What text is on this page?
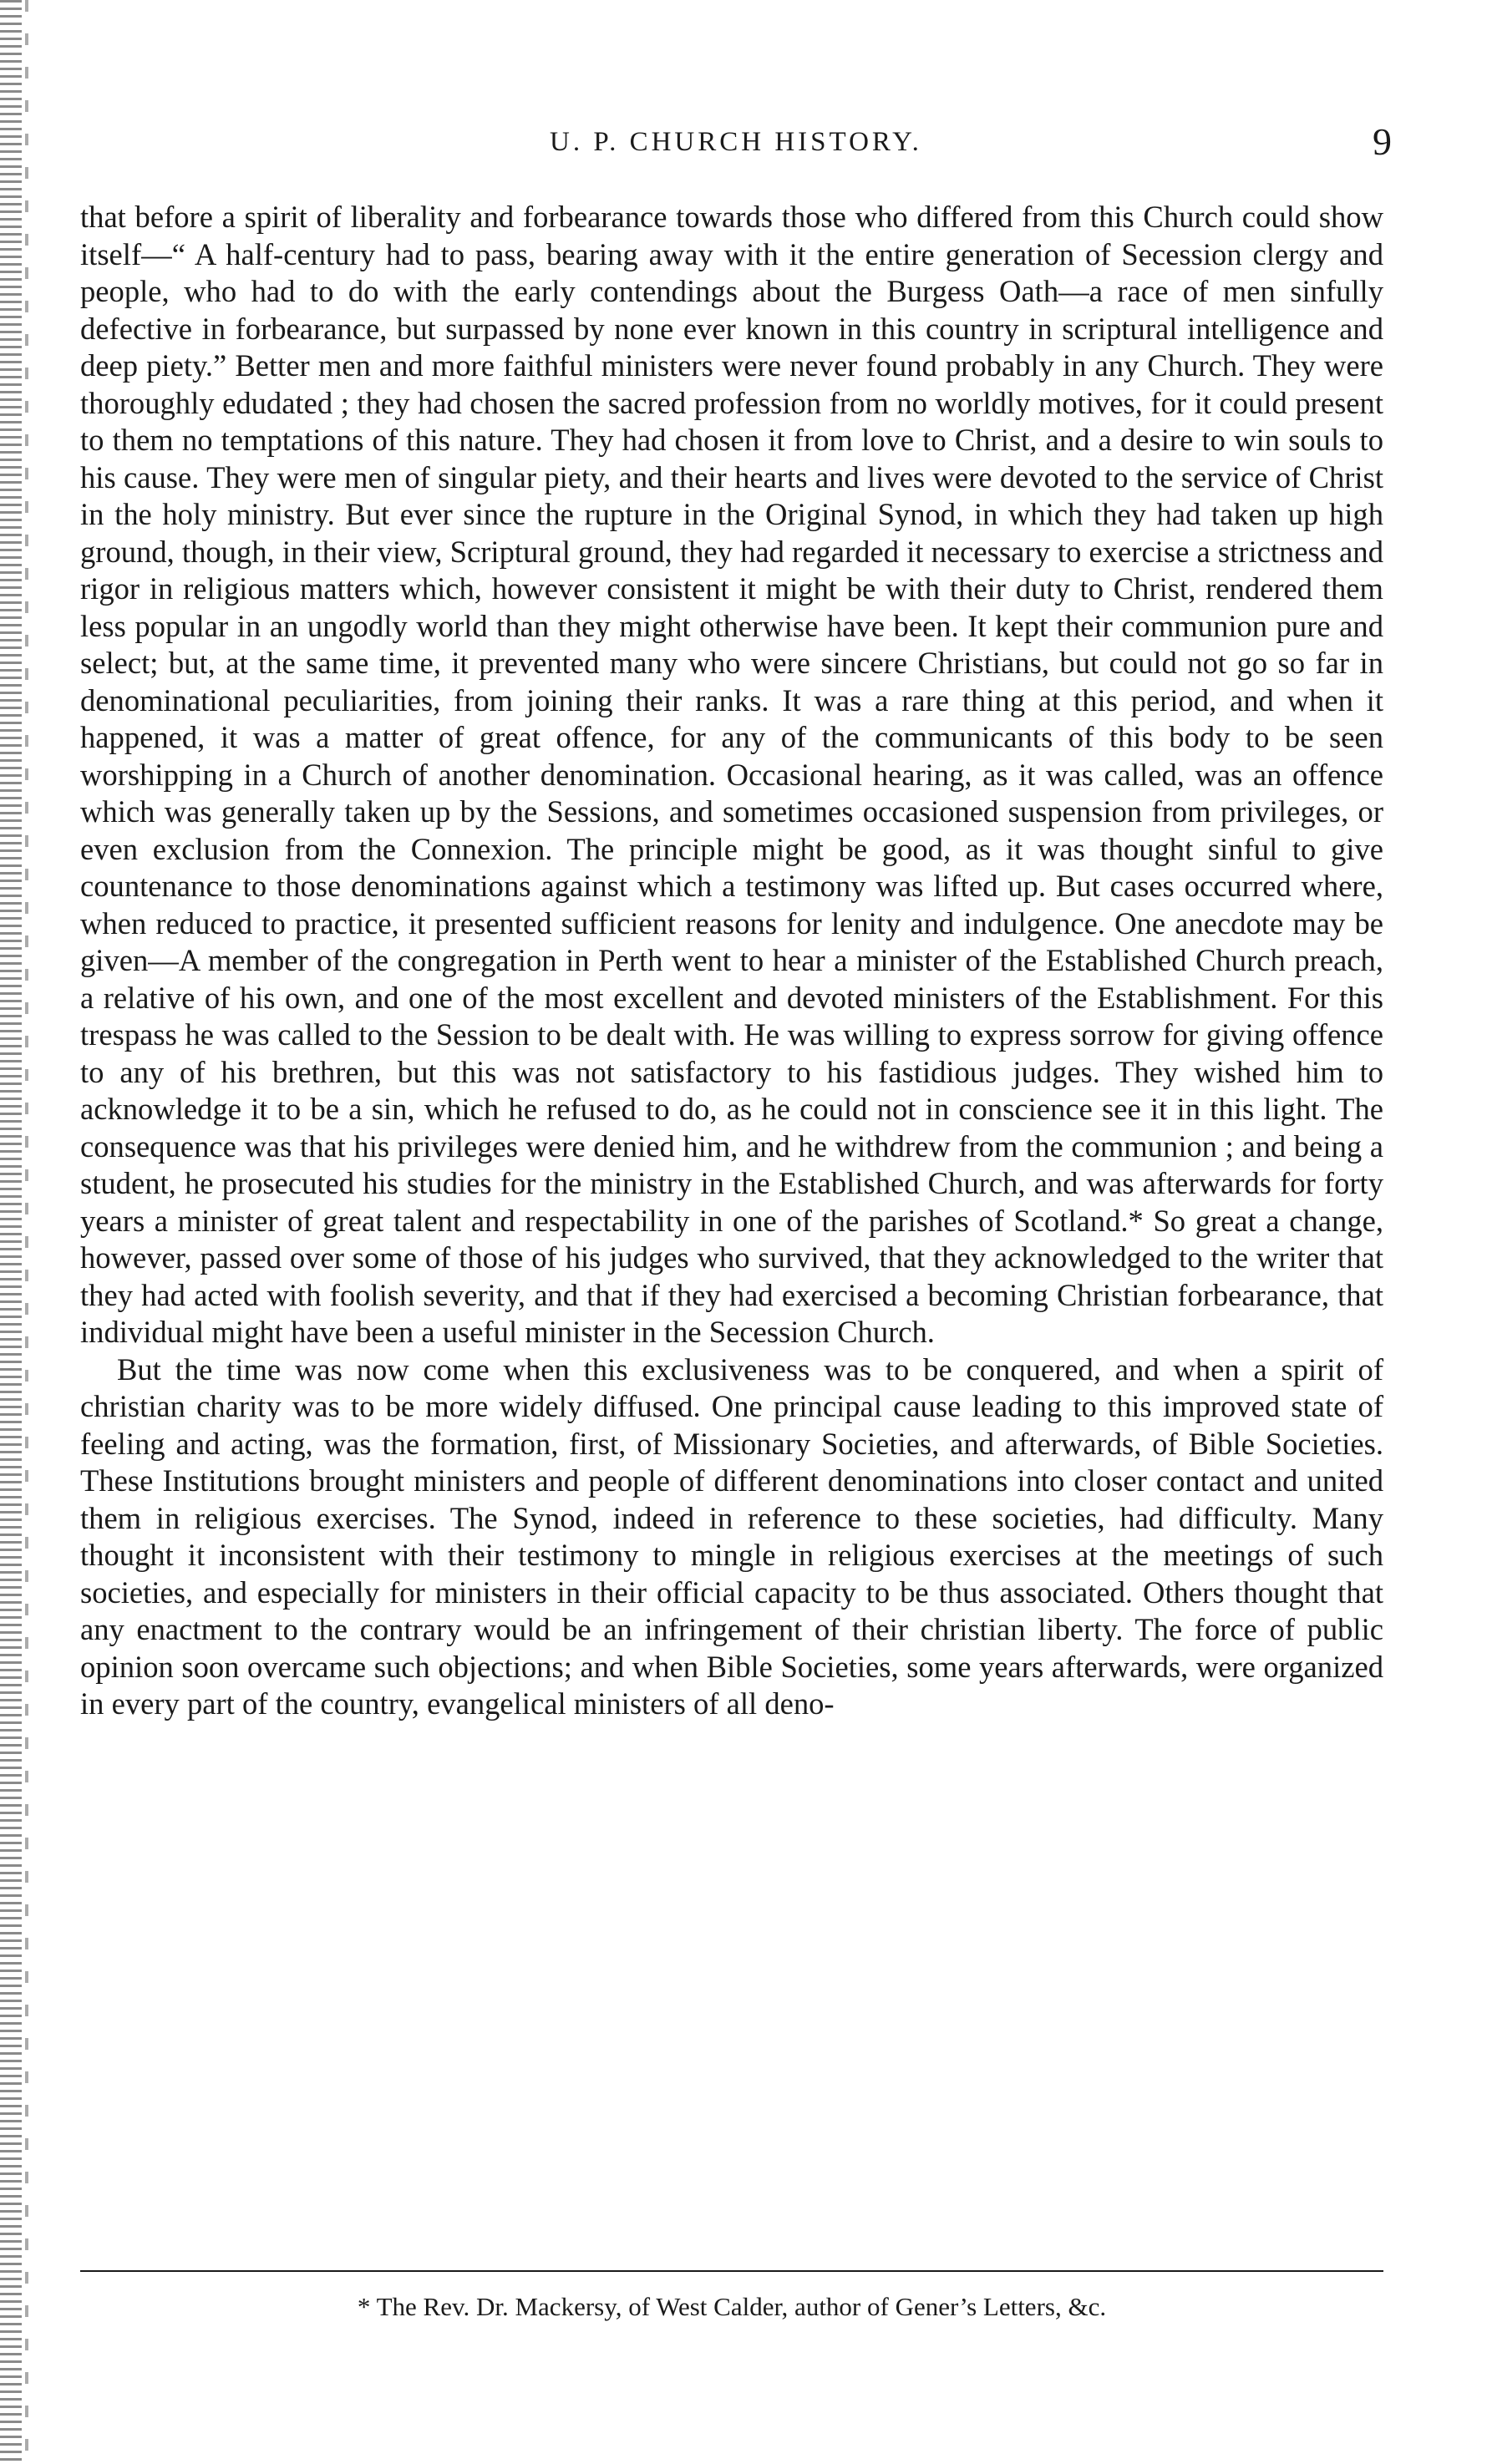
U. P. CHURCH HISTORY.	9

that before a spirit of liberality and forbearance towards those who differed from this Church could show itself—“ A half-century had to pass, bearing away with it the entire generation of Secession clergy and people, who had to do with the early contendings about the Burgess Oath—a race of men sinfully defective in forbearance, but surpassed by none ever known in this country in scriptural intelligence and deep piety.” Better men and more faithful ministers were never found probably in any Church. They were thoroughly edudated ; they had chosen the sacred profession from no worldly motives, for it could present to them no temptations of this nature. They had chosen it from love to Christ, and a desire to win souls to his cause. They were men of singular piety, and their hearts and lives were devoted to the service of Christ in the holy ministry. But ever since the rupture in the Original Synod, in which they had taken up high ground, though, in their view, Scriptural ground, they had regarded it necessary to exercise a strictness and rigor in religious matters which, however consistent it might be with their duty to Christ, rendered them less popular in an ungodly world than they might otherwise have been. It kept their communion pure and select; but, at the same time, it prevented many who were sincere Christians, but could not go so far in denominational peculiarities, from joining their ranks. It was a rare thing at this period, and when it happened, it was a matter of great offence, for any of the communicants of this body to be seen worshipping in a Church of another denomination. Occasional hearing, as it was called, was an offence which was generally taken up by the Sessions, and sometimes occasioned suspension from privileges, or even exclusion from the Connexion. The principle might be good, as it was thought sinful to give countenance to those denominations against which a testimony was lifted up. But cases occurred where, when reduced to practice, it presented sufficient reasons for lenity and indulgence. One anecdote may be given—A member of the congregation in Perth went to hear a minister of the Established Church preach, a relative of his own, and one of the most excellent and devoted ministers of the Establishment. For this trespass he was called to the Session to be dealt with. He was willing to express sorrow for giving offence to any of his brethren, but this was not satisfactory to his fastidious judges. They wished him to acknowledge it to be a sin, which he refused to do, as he could not in conscience see it in this light. The consequence was that his privileges were denied him, and he withdrew from the communion ; and being a student, he prosecuted his studies for the ministry in the Established Church, and was afterwards for forty years a minister of great talent and respectability in one of the parishes of Scotland.* So great a change, however, passed over some of those of his judges who survived, that they acknowledged to the writer that they had acted with foolish severity, and that if they had exercised a becoming Christian forbearance, that individual might have been a useful minister in the Secession Church.

But the time was now come when this exclusiveness was to be conquered, and when a spirit of christian charity was to be more widely diffused. One principal cause leading to this improved state of feeling and acting, was the formation, first, of Missionary Societies, and afterwards, of Bible Societies. These Institutions brought ministers and people of different denominations into closer contact and united them in religious exercises. The Synod, indeed in reference to these societies, had difficulty. Many thought it inconsistent with their testimony to mingle in religious exercises at the meetings of such societies, and especially for ministers in their official capacity to be thus associated. Others thought that any enactment to the contrary would be an infringement of their christian liberty. The force of public opinion soon overcame such objections; and when Bible Societies, some years afterwards, were organized in every part of the country, evangelical ministers of all deno-

* The Rev. Dr. Mackersy, of West Calder, author of Gener’s Letters, &c.
